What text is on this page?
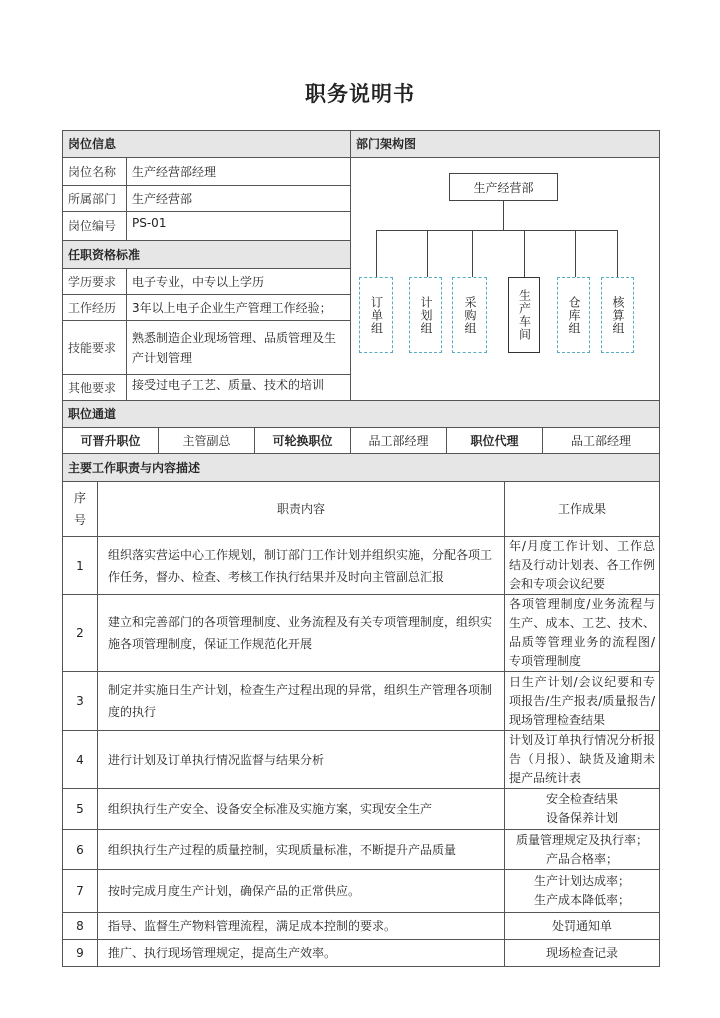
职务说明书
岗位信息		部门架构图
岗位名称	生产经营部经理	
所属部门	生产经营部	
岗位编号	PS-01	
任职资格标准		
学历要求	电子专业，中专以上学历	
工作经历	3年以上电子企业生产管理工作经验；	
技能要求	熟悉制造企业现场管理、品质管理及生产计划管理	
其他要求	接受过电子工艺、质量、技术的培训	
生产经营部
订单组	计划组	采购组	生产车间	仓库组	核算组
职位通道
可晋升职位	主管副总	可轮换职位	品工部经理	职位代理	品工部经理
主要工作职责与内容描述
序号	职责内容	工作成果
1	组织落实营运中心工作规划，制订部门工作计划并组织实施，分配各项工作任务，督办、检查、考核工作执行结果并及时向主管副总汇报	年/月度工作计划、工作总结及行动计划表、各工作例会和专项会议纪要
2	建立和完善部门的各项管理制度、业务流程及有关专项管理制度，组织实施各项管理制度，保证工作规范化开展	各项管理制度/业务流程与生产、成本、工艺、技术、品质等管理业务的流程图/专项管理制度
3	制定并实施日生产计划，检查生产过程出现的异常，组织生产管理各项制度的执行	日生产计划/会议纪要和专项报告/生产报表/质量报告/现场管理检查结果
4	进行计划及订单执行情况监督与结果分析	计划及订单执行情况分析报告（月报）、缺货及逾期未提产品统计表
5	组织执行生产安全、设备安全标准及实施方案，实现安全生产	安全检查结果
设备保养计划
6	组织执行生产过程的质量控制，实现质量标准，不断提升产品质量	质量管理规定及执行率；
产品合格率；
7	按时完成月度生产计划，确保产品的正常供应。	生产计划达成率；
生产成本降低率；
8	指导、监督生产物料管理流程，满足成本控制的要求。	处罚通知单
9	推广、执行现场管理规定，提高生产效率。	现场检查记录
